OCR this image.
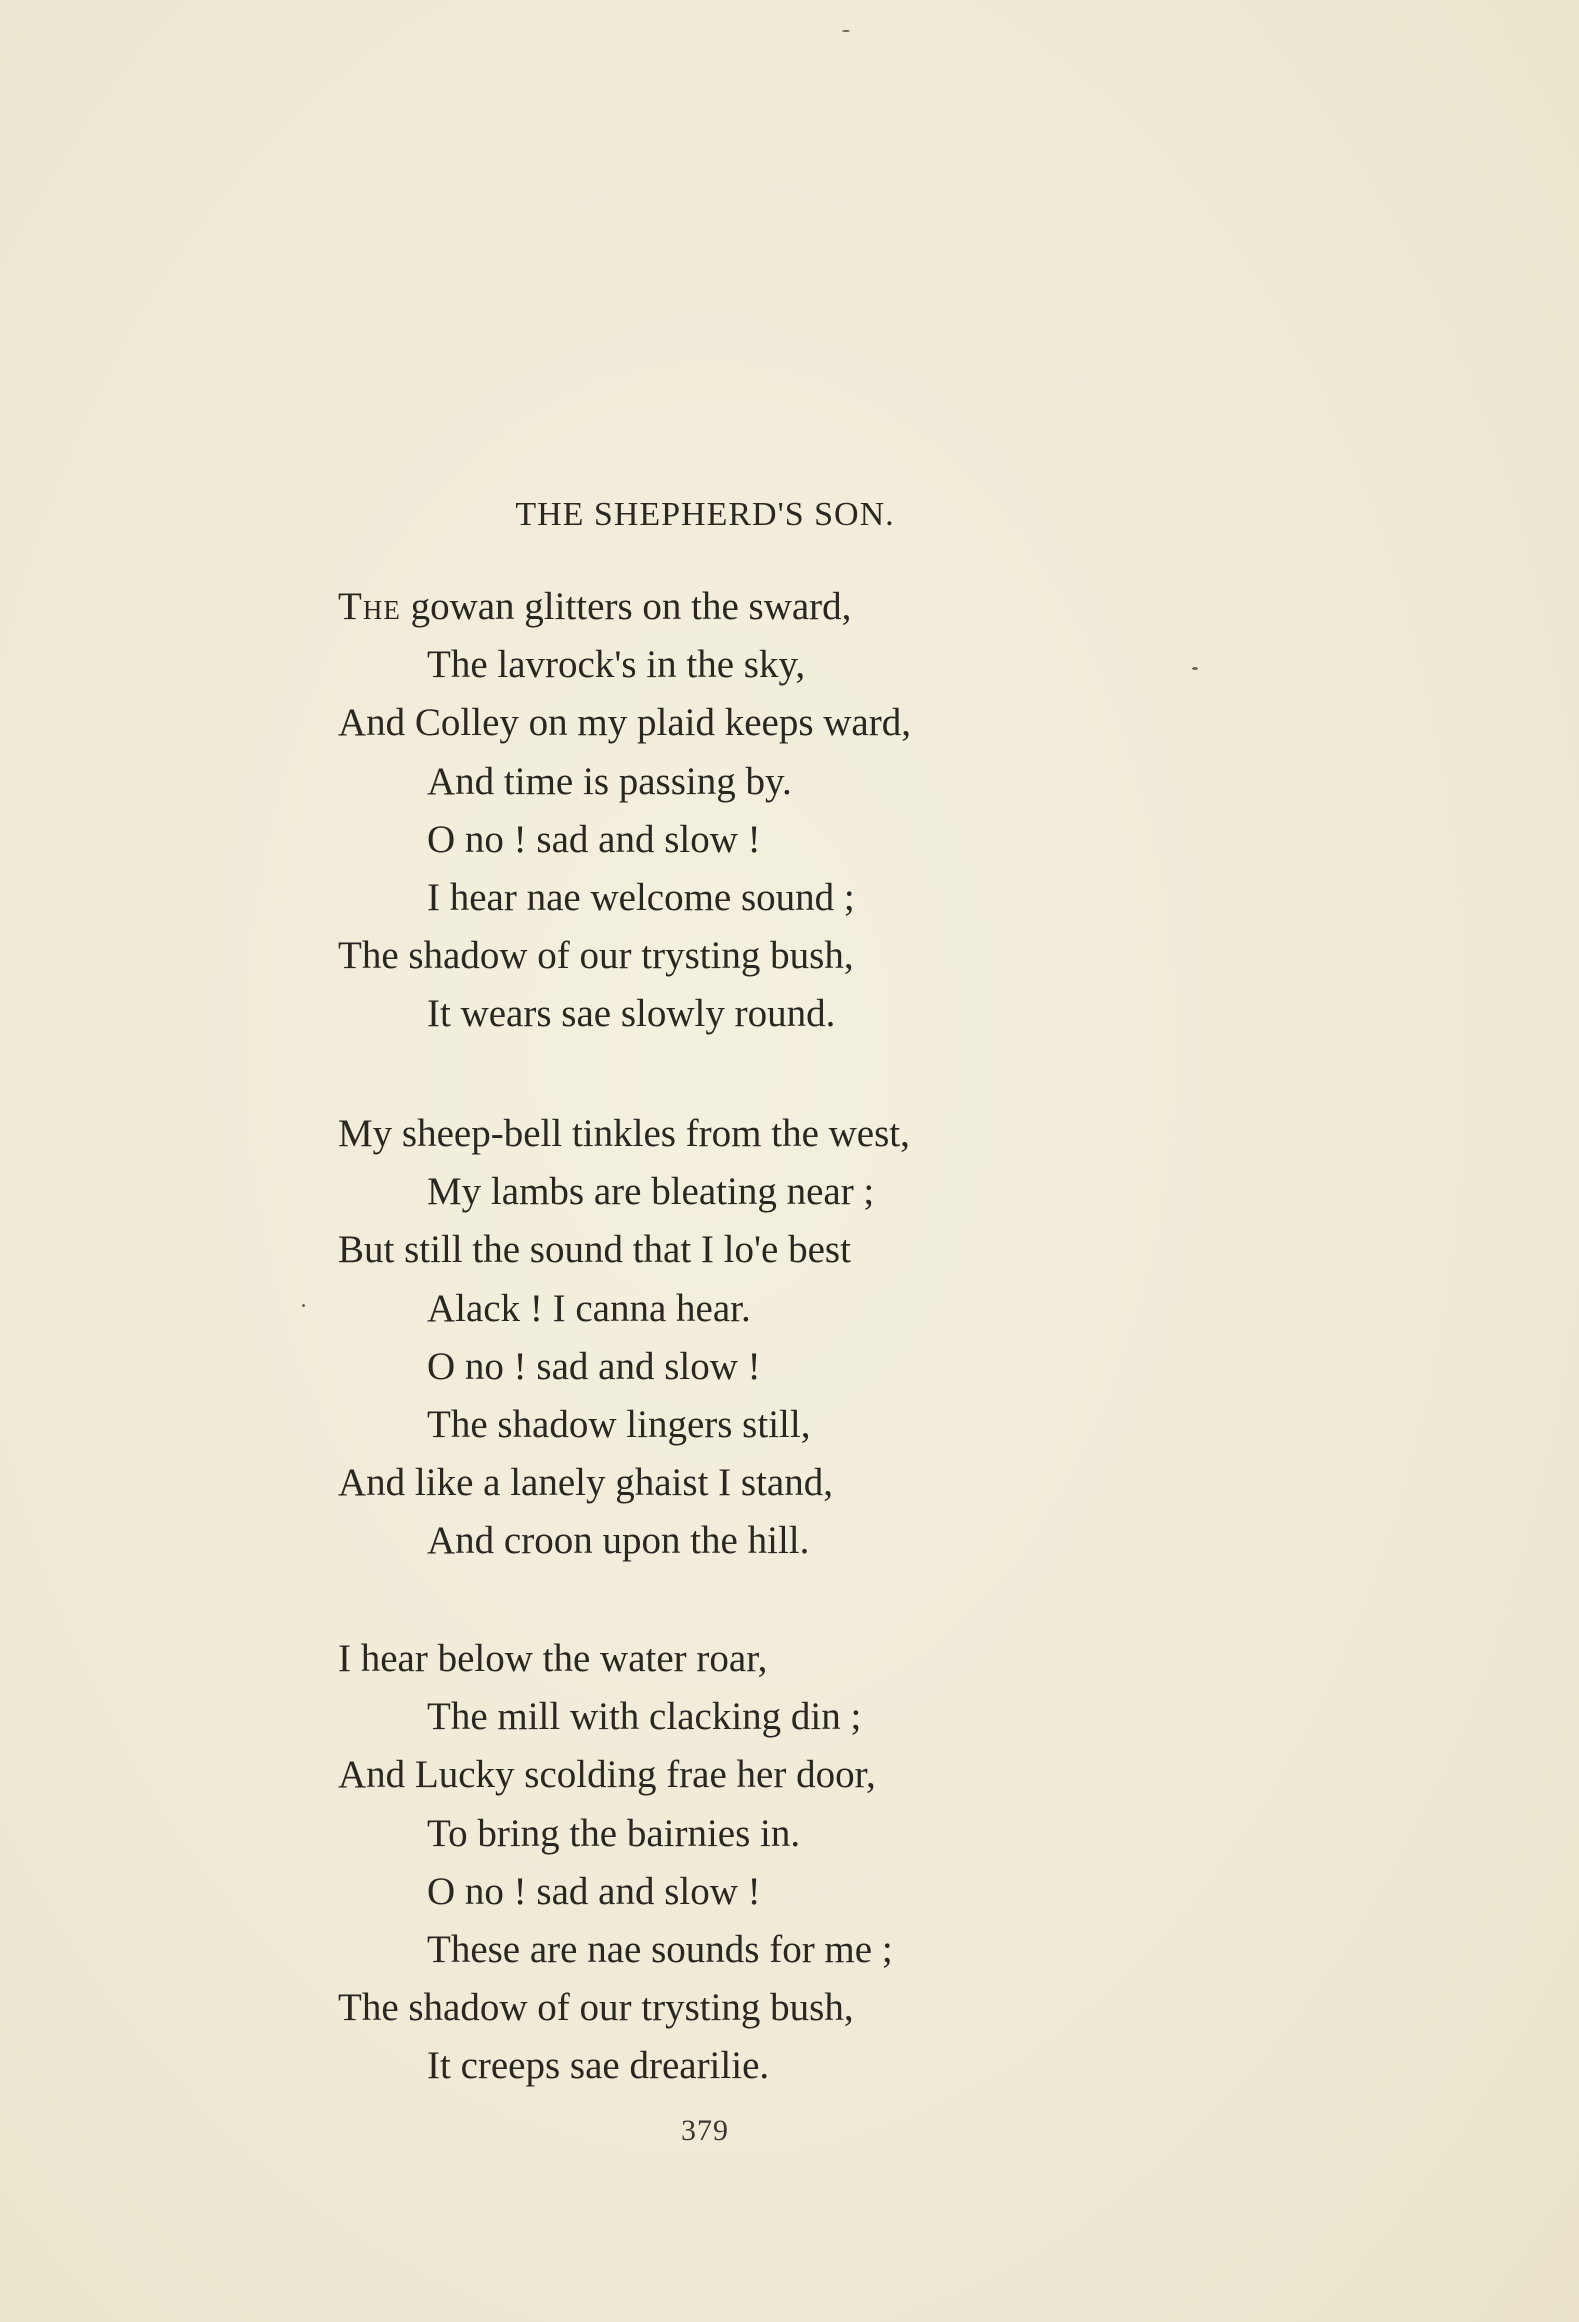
THE SHEPHERD'S SON.
The gowan glitters on the sward,
The lavrock's in the sky,
And Colley on my plaid keeps ward,
And time is passing by.
O no ! sad and slow !
I hear nae welcome sound ;
The shadow of our trysting bush,
It wears sae slowly round.
My sheep-bell tinkles from the west,
My lambs are bleating near ;
But still the sound that I lo'e best
Alack ! I canna hear.
O no ! sad and slow !
The shadow lingers still,
And like a lanely ghaist I stand,
And croon upon the hill.
I hear below the water roar,
The mill with clacking din ;
And Lucky scolding frae her door,
To bring the bairnies in.
O no ! sad and slow !
These are nae sounds for me ;
The shadow of our trysting bush,
It creeps sae drearilie.
379
